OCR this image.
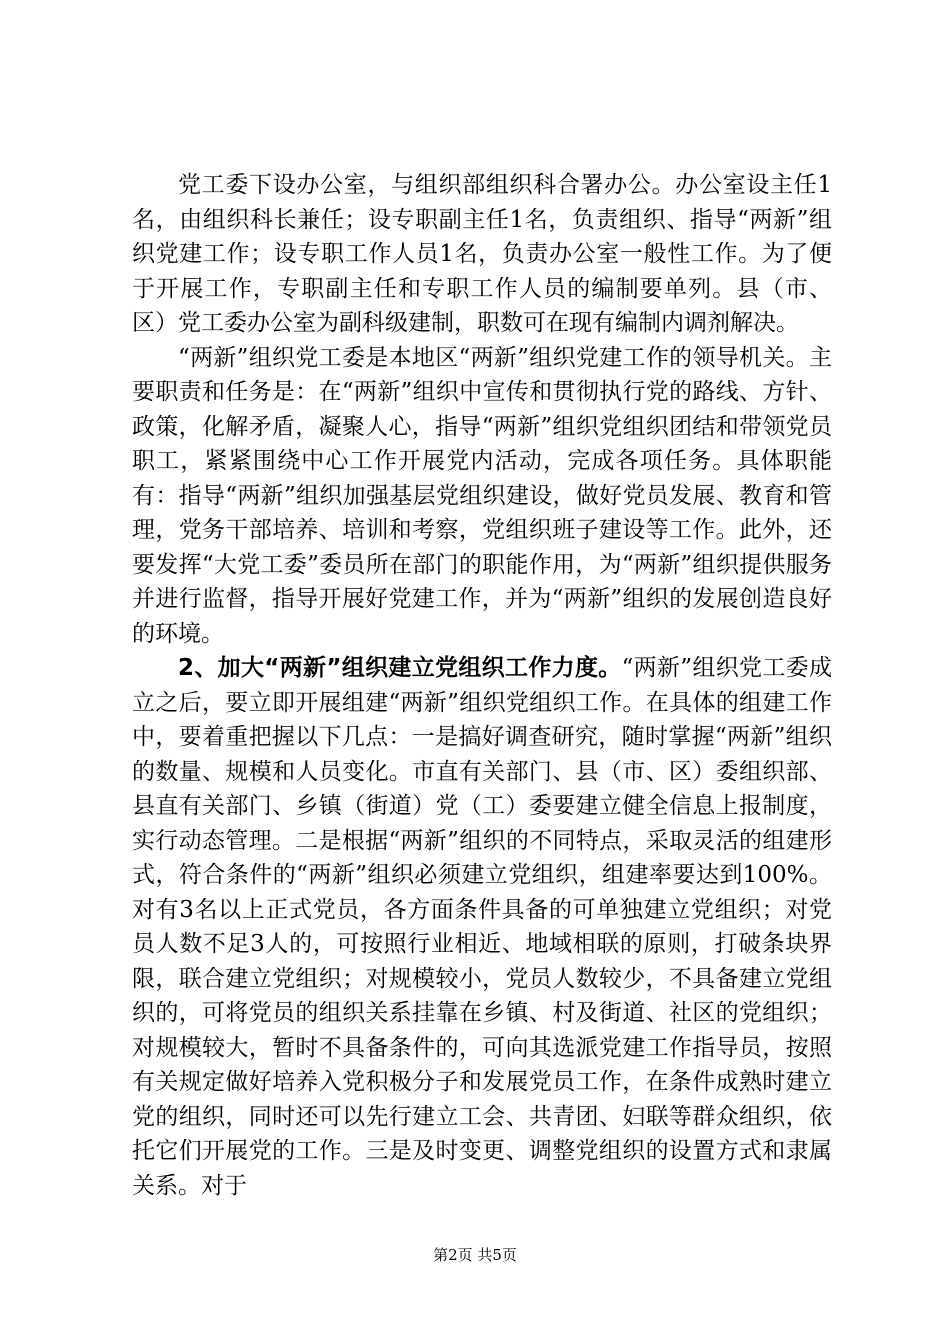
党工委下设办公室，与组织部组织科合署办公。办公室设主任1名，由组织科长兼任；设专职副主任1名，负责组织、指导“两新”组织党建工作；设专职工作人员1名，负责办公室一般性工作。为了便于开展工作，专职副主任和专职工作人员的编制要单列。县（市、区）党工委办公室为副科级建制，职数可在现有编制内调剂解决。

“两新”组织党工委是本地区“两新”组织党建工作的领导机关。主要职责和任务是：在“两新”组织中宣传和贯彻执行党的路线、方针、政策，化解矛盾，凝聚人心，指导“两新”组织党组织团结和带领党员职工，紧紧围绕中心工作开展党内活动，完成各项任务。具体职能有：指导“两新”组织加强基层党组织建设，做好党员发展、教育和管理，党务干部培养、培训和考察，党组织班子建设等工作。此外，还要发挥“大党工委”委员所在部门的职能作用，为“两新”组织提供服务并进行监督，指导开展好党建工作，并为“两新”组织的发展创造良好的环境。

2、加大“两新”组织建立党组织工作力度。“两新”组织党工委成立之后，要立即开展组建“两新”组织党组织工作。在具体的组建工作中，要着重把握以下几点：一是搞好调查研究，随时掌握“两新”组织的数量、规模和人员变化。市直有关部门、县（市、区）委组织部、县直有关部门、乡镇（街道）党（工）委要建立健全信息上报制度，实行动态管理。二是根据“两新”组织的不同特点，采取灵活的组建形式，符合条件的“两新”组织必须建立党组织，组建率要达到100%。对有3名以上正式党员，各方面条件具备的可单独建立党组织；对党员人数不足3人的，可按照行业相近、地域相联的原则，打破条块界限，联合建立党组织；对规模较小，党员人数较少，不具备建立党组织的，可将党员的组织关系挂靠在乡镇、村及街道、社区的党组织；对规模较大，暂时不具备条件的，可向其选派党建工作指导员，按照有关规定做好培养入党积极分子和发展党员工作，在条件成熟时建立党的组织，同时还可以先行建立工会、共青团、妇联等群众组织，依托它们开展党的工作。三是及时变更、调整党组织的设置方式和隶属关系。对于

第2页 共5页
